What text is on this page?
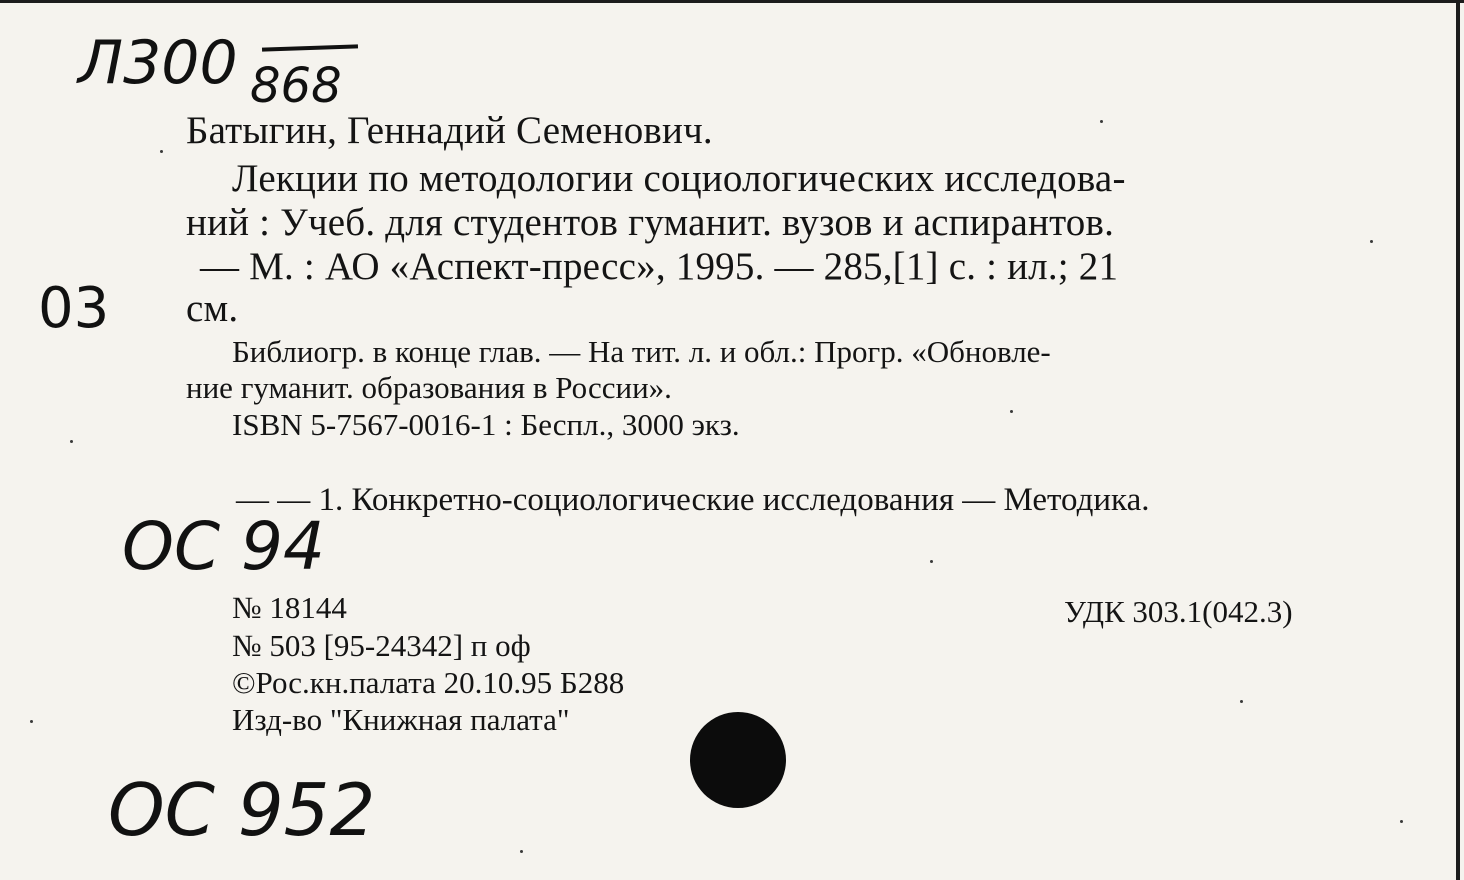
Л300 868
03
ОС 94
ОС 952
Батыгин, Геннадий Семенович.
Лекции по методологии социологических исследова-
ний : Учеб. для студентов гуманит. вузов и аспирантов.
— М. : АО «Аспект-пресс», 1995. — 285,[1] с. : ил.; 21
см.
Библиогр. в конце глав. — На тит. л. и обл.: Прогр. «Обновле-
ние гуманит. образования в России».
ISBN 5-7567-0016-1 : Беспл., 3000 экз.
— — 1. Конкретно-социологические исследования — Методика.
№ 18144	УДК 303.1(042.3)
№ 503 [95-24342] п оф
©Рос.кн.палата 20.10.95 Б288
Изд-во "Книжная палата"
